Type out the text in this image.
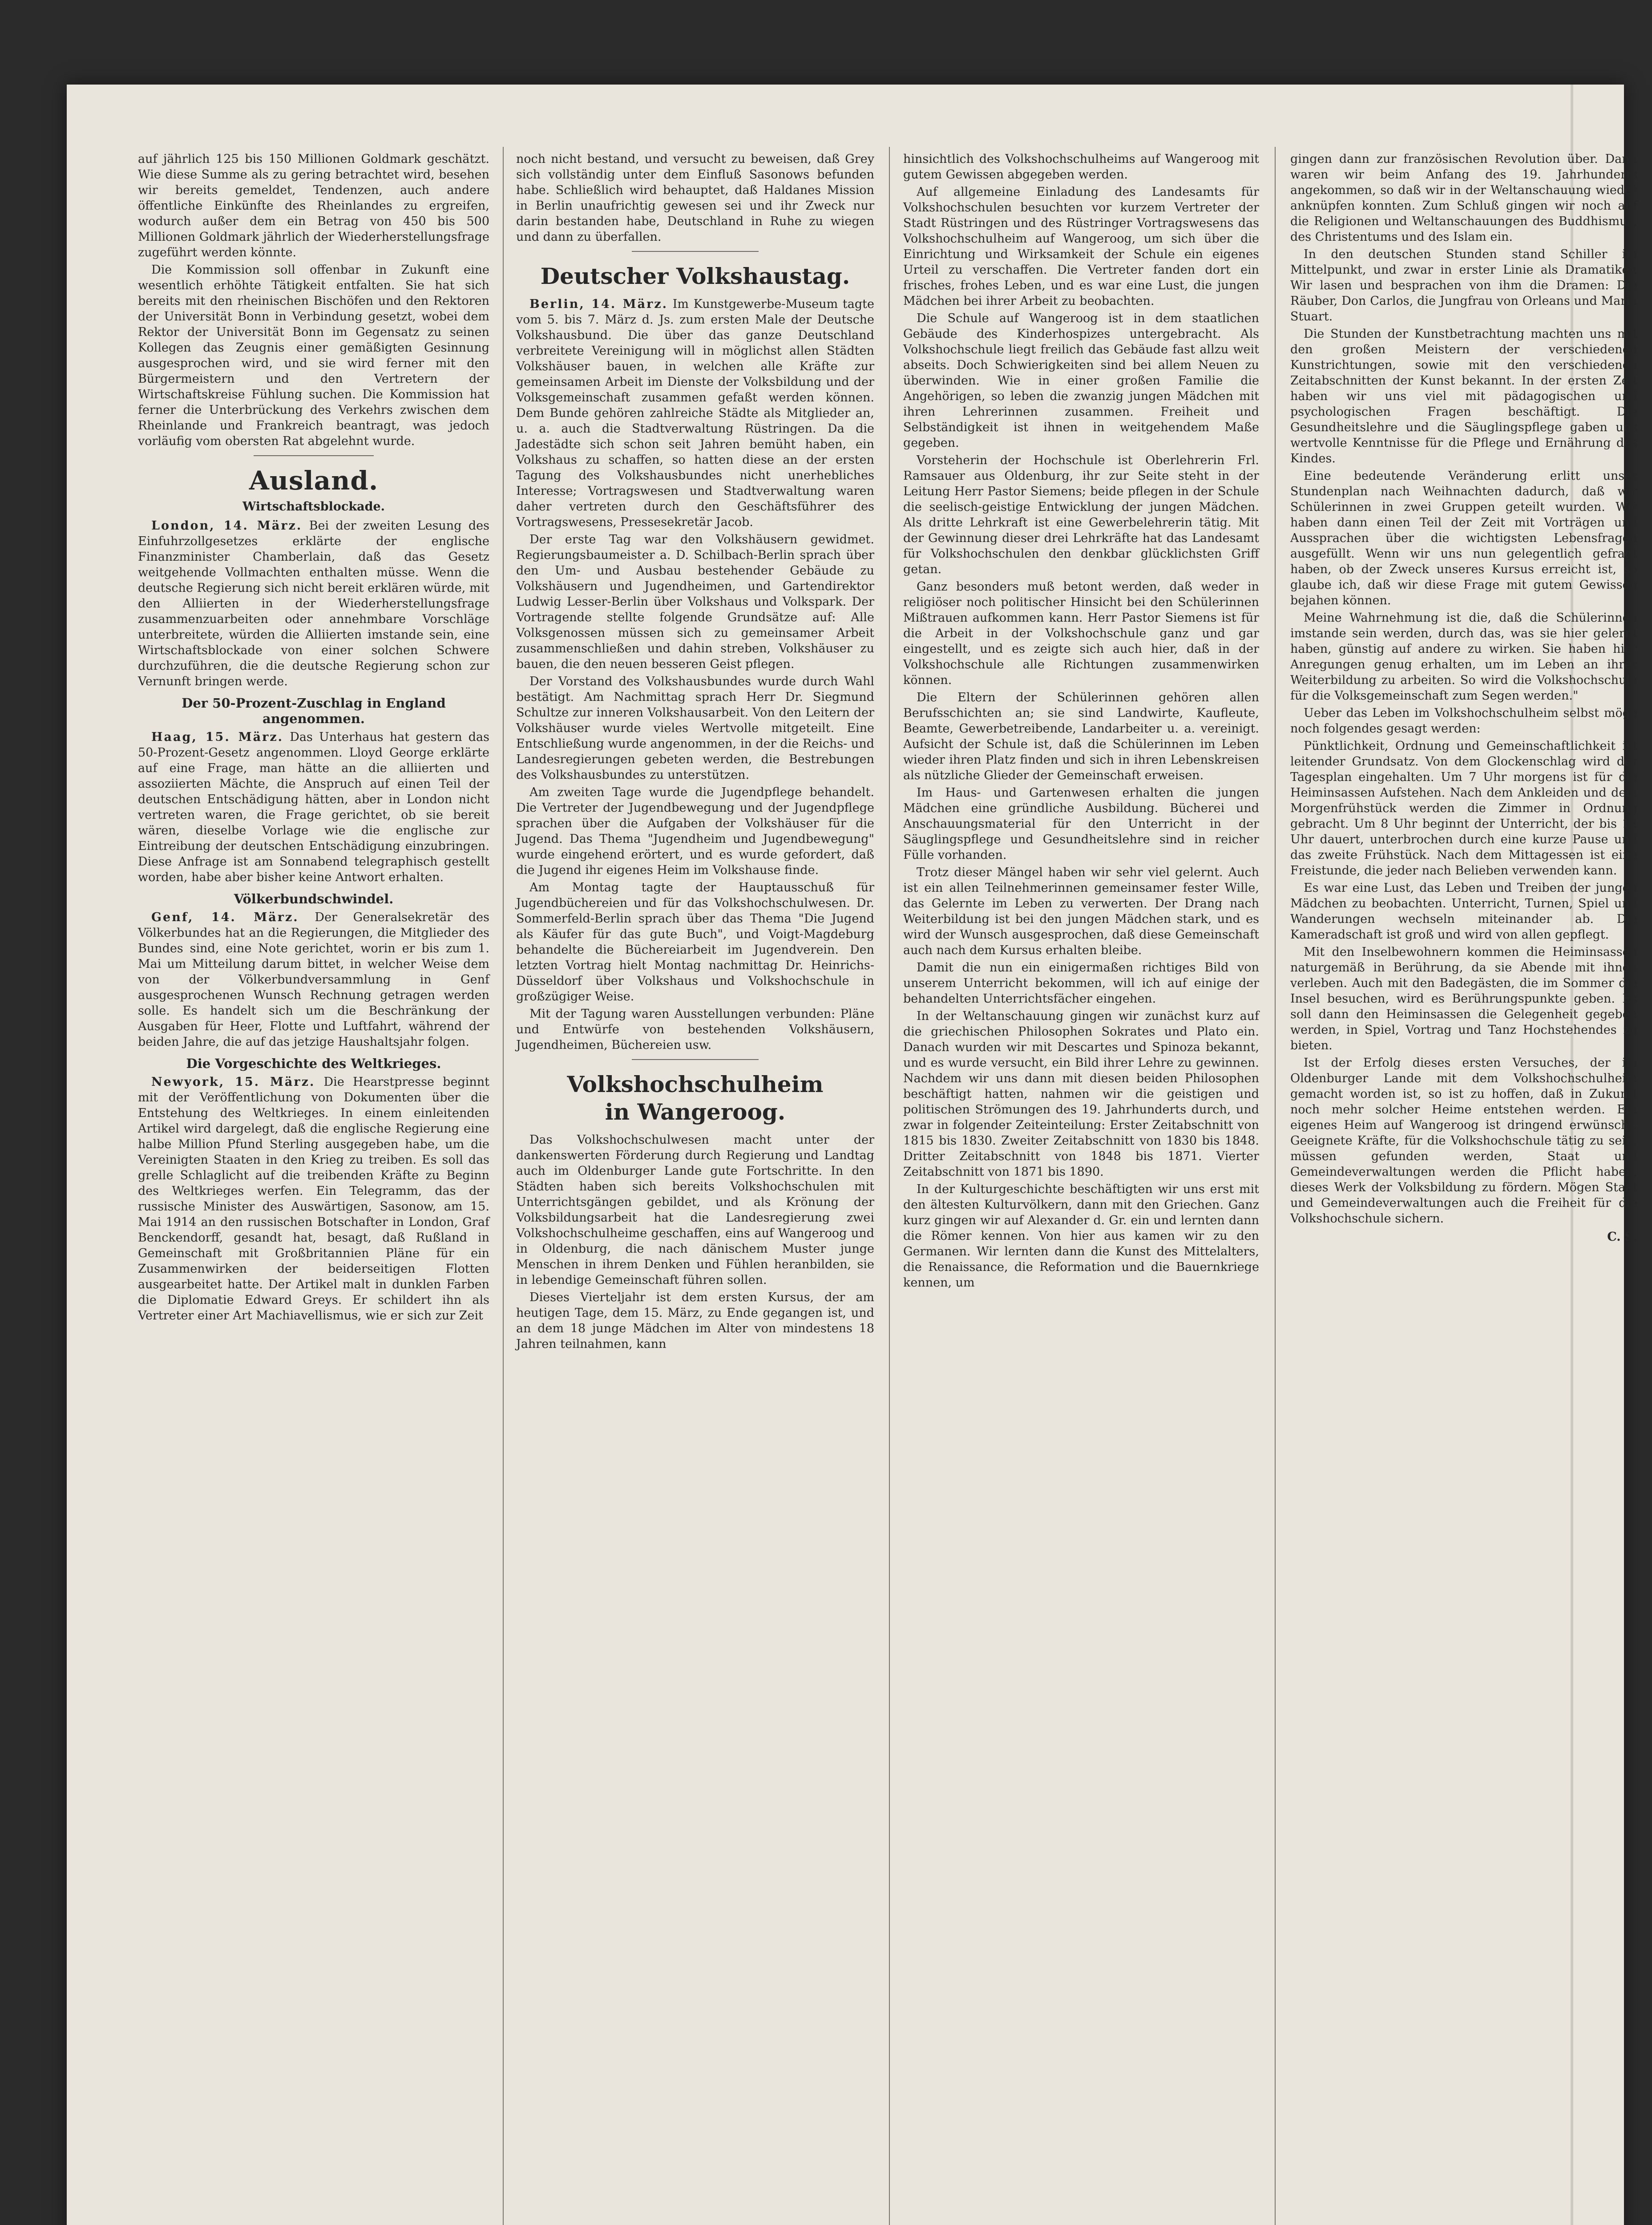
auf jährlich 125 bis 150 Millionen Goldmark geschätzt. Wie diese Summe als zu gering betrachtet wird, besehen wir bereits gemeldet, Tendenzen, auch andere öffentliche Einkünfte des Rheinlandes zu ergreifen, wodurch außer dem ein Betrag von 450 bis 500 Millionen Goldmark jährlich der Wiederherstellungsfrage zugeführt werden könnte.

Die Kommission soll offenbar in Zukunft eine wesentlich erhöhte Tätigkeit entfalten. Sie hat sich bereits mit den rheinischen Bischöfen und den Rektoren der Universität Bonn in Verbindung gesetzt, wobei dem Rektor der Universität Bonn im Gegensatz zu seinen Kollegen das Zeugnis einer gemäßigten Gesinnung ausgesprochen wird, und sie wird ferner mit den Bürgermeistern und den Vertretern der Wirtschaftskreise Fühlung suchen. Die Kommission hat ferner die Unterbrückung des Verkehrs zwischen dem Rheinlande und Frankreich beantragt, was jedoch vorläufig vom obersten Rat abgelehnt wurde.

Ausland.
Wirtschaftsblockade.

London, 14. März. Bei der zweiten Lesung des Einfuhrzollgesetzes erklärte der englische Finanzminister Chamberlain, daß das Gesetz weitgehende Vollmachten enthalten müsse. Wenn die deutsche Regierung sich nicht bereit erklären würde, mit den Alliierten in der Wiederherstellungsfrage zusammenzuarbeiten oder annehmbare Vorschläge unterbreitete, würden die Alliierten imstande sein, eine Wirtschaftsblockade von einer solchen Schwere durchzuführen, die die deutsche Regierung schon zur Vernunft bringen werde.

Der 50-Prozent-Zuschlag in England angenommen.

Haag, 15. März. Das Unterhaus hat gestern das 50-Prozent-Gesetz angenommen. Lloyd George erklärte auf eine Frage, man hätte an die alliierten und assoziierten Mächte, die Anspruch auf einen Teil der deutschen Entschädigung hätten, aber in London nicht vertreten waren, die Frage gerichtet, ob sie bereit wären, dieselbe Vorlage wie die englische zur Eintreibung der deutschen Entschädigung einzubringen. Diese Anfrage ist am Sonnabend telegraphisch gestellt worden, habe aber bisher keine Antwort erhalten.

Völkerbundschwindel.

Genf, 14. März. Der Generalsekretär des Völkerbundes hat an die Regierungen, die Mitglieder des Bundes sind, eine Note gerichtet, worin er bis zum 1. Mai um Mitteilung darum bittet, in welcher Weise dem von der Völkerbundversammlung in Genf ausgesprochenen Wunsch Rechnung getragen werden solle. Es handelt sich um die Beschränkung der Ausgaben für Heer, Flotte und Luftfahrt, während der beiden Jahre, die auf das jetzige Haushaltsjahr folgen.

Die Vorgeschichte des Weltkrieges.

Newyork, 15. März. Die Hearstpresse beginnt mit der Veröffentlichung von Dokumenten über die Entstehung des Weltkrieges. In einem einleitenden Artikel wird dargelegt, daß die englische Regierung eine halbe Million Pfund Sterling ausgegeben habe, um die Vereinigten Staaten in den Krieg zu treiben. Es soll das grelle Schlaglicht auf die treibenden Kräfte zu Beginn des Weltkrieges werfen. Ein Telegramm, das der russische Minister des Auswärtigen, Sasonow, am 15. Mai 1914 an den russischen Botschafter in London, Graf Benckendorff, gesandt hat, besagt, daß Rußland in Gemeinschaft mit Großbritannien Pläne für ein Zusammenwirken der beiderseitigen Flotten ausgearbeitet hatte. Der Artikel malt in dunklen Farben die Diplomatie Edward Greys. Er schildert ihn als Vertreter einer Art Machiavellismus, wie er sich zur Zeit

noch nicht bestand, und versucht zu beweisen, daß Grey sich vollständig unter dem Einfluß Sasonows befunden habe. Schließlich wird behauptet, daß Haldanes Mission in Berlin unaufrichtig gewesen sei und ihr Zweck nur darin bestanden habe, Deutschland in Ruhe zu wiegen und dann zu überfallen.

Deutscher Volkshaustag.

Berlin, 14. März. Im Kunstgewerbe-Museum tagte vom 5. bis 7. März d. Js. zum ersten Male der Deutsche Volkshausbund. Die über das ganze Deutschland verbreitete Vereinigung will in möglichst allen Städten Volkshäuser bauen, in welchen alle Kräfte zur gemeinsamen Arbeit im Dienste der Volksbildung und der Volksgemeinschaft zusammen gefaßt werden können. Dem Bunde gehören zahlreiche Städte als Mitglieder an, u. a. auch die Stadtverwaltung Rüstringen. Da die Jadestädte sich schon seit Jahren bemüht haben, ein Volkshaus zu schaffen, so hatten diese an der ersten Tagung des Volkshausbundes nicht unerhebliches Interesse; Vortragswesen und Stadtverwaltung waren daher vertreten durch den Geschäftsführer des Vortragswesens, Pressesekretär Jacob.

Der erste Tag war den Volkshäusern gewidmet. Regierungsbaumeister a. D. Schilbach-Berlin sprach über den Um- und Ausbau bestehender Gebäude zu Volkshäusern und Jugendheimen, und Gartendirektor Ludwig Lesser-Berlin über Volkshaus und Volkspark. Der Vortragende stellte folgende Grundsätze auf: Alle Volksgenossen müssen sich zu gemeinsamer Arbeit zusammenschließen und dahin streben, Volkshäuser zu bauen, die den neuen besseren Geist pflegen.

Der Vorstand des Volkshausbundes wurde durch Wahl bestätigt. Am Nachmittag sprach Herr Dr. Siegmund Schultze zur inneren Volkshausarbeit. Von den Leitern der Volkshäuser wurde vieles Wertvolle mitgeteilt. Eine Entschließung wurde angenommen, in der die Reichs- und Landesregierungen gebeten werden, die Bestrebungen des Volkshausbundes zu unterstützen.

Am zweiten Tage wurde die Jugendpflege behandelt. Die Vertreter der Jugendbewegung und der Jugendpflege sprachen über die Aufgaben der Volkshäuser für die Jugend. Das Thema "Jugendheim und Jugendbewegung" wurde eingehend erörtert, und es wurde gefordert, daß die Jugend ihr eigenes Heim im Volkshause finde.

Am Montag tagte der Hauptausschuß für Jugendbüchereien und für das Volkshochschulwesen. Dr. Sommerfeld-Berlin sprach über das Thema "Die Jugend als Käufer für das gute Buch", und Voigt-Magdeburg behandelte die Büchereiarbeit im Jugendverein. Den letzten Vortrag hielt Montag nachmittag Dr. Heinrichs-Düsseldorf über Volkshaus und Volkshochschule in großzügiger Weise.

Mit der Tagung waren Ausstellungen verbunden: Pläne und Entwürfe von bestehenden Volkshäusern, Jugendheimen, Büchereien usw.

Volkshochschulheim
in Wangeroog.

Das Volkshochschulwesen macht unter der dankenswerten Förderung durch Regierung und Landtag auch im Oldenburger Lande gute Fortschritte. In den Städten haben sich bereits Volkshochschulen mit Unterrichtsgängen gebildet, und als Krönung der Volksbildungsarbeit hat die Landesregierung zwei Volkshochschulheime geschaffen, eins auf Wangeroog und in Oldenburg, die nach dänischem Muster junge Menschen in ihrem Denken und Fühlen heranbilden, sie in lebendige Gemeinschaft führen sollen.

Dieses Vierteljahr ist dem ersten Kursus, der am heutigen Tage, dem 15. März, zu Ende gegangen ist, und an dem 18 junge Mädchen im Alter von mindestens 18 Jahren teilnahmen, kann

hinsichtlich des Volkshochschulheims auf Wangeroog mit gutem Gewissen abgegeben werden.

Auf allgemeine Einladung des Landesamts für Volkshochschulen besuchten vor kurzem Vertreter der Stadt Rüstringen und des Rüstringer Vortragswesens das Volkshochschulheim auf Wangeroog, um sich über die Einrichtung und Wirksamkeit der Schule ein eigenes Urteil zu verschaffen. Die Vertreter fanden dort ein frisches, frohes Leben, und es war eine Lust, die jungen Mädchen bei ihrer Arbeit zu beobachten.

Die Schule auf Wangeroog ist in dem staatlichen Gebäude des Kinderhospizes untergebracht. Als Volkshochschule liegt freilich das Gebäude fast allzu weit abseits. Doch Schwierigkeiten sind bei allem Neuen zu überwinden. Wie in einer großen Familie die Angehörigen, so leben die zwanzig jungen Mädchen mit ihren Lehrerinnen zusammen. Freiheit und Selbständigkeit ist ihnen in weitgehendem Maße gegeben.

Vorsteherin der Hochschule ist Oberlehrerin Frl. Ramsauer aus Oldenburg, ihr zur Seite steht in der Leitung Herr Pastor Siemens; beide pflegen in der Schule die seelisch-geistige Entwicklung der jungen Mädchen. Als dritte Lehrkraft ist eine Gewerbelehrerin tätig. Mit der Gewinnung dieser drei Lehrkräfte hat das Landesamt für Volkshochschulen den denkbar glücklichsten Griff getan.

Ganz besonders muß betont werden, daß weder in religiöser noch politischer Hinsicht bei den Schülerinnen Mißtrauen aufkommen kann. Herr Pastor Siemens ist für die Arbeit in der Volkshochschule ganz und gar eingestellt, und es zeigte sich auch hier, daß in der Volkshochschule alle Richtungen zusammenwirken können.

Die Eltern der Schülerinnen gehören allen Berufsschichten an; sie sind Landwirte, Kaufleute, Beamte, Gewerbetreibende, Landarbeiter u. a. vereinigt. Aufsicht der Schule ist, daß die Schülerinnen im Leben wieder ihren Platz finden und sich in ihren Lebenskreisen als nützliche Glieder der Gemeinschaft erweisen.

Im Haus- und Gartenwesen erhalten die jungen Mädchen eine gründliche Ausbildung. Bücherei und Anschauungsmaterial für den Unterricht in der Säuglingspflege und Gesundheitslehre sind in reicher Fülle vorhanden.

Trotz dieser Mängel haben wir sehr viel gelernt. Auch ist ein allen Teilnehmerinnen gemeinsamer fester Wille, das Gelernte im Leben zu verwerten. Der Drang nach Weiterbildung ist bei den jungen Mädchen stark, und es wird der Wunsch ausgesprochen, daß diese Gemeinschaft auch nach dem Kursus erhalten bleibe.

Damit die nun ein einigermaßen richtiges Bild von unserem Unterricht bekommen, will ich auf einige der behandelten Unterrichtsfächer eingehen.

In der Weltanschauung gingen wir zunächst kurz auf die griechischen Philosophen Sokrates und Plato ein. Danach wurden wir mit Descartes und Spinoza bekannt, und es wurde versucht, ein Bild ihrer Lehre zu gewinnen. Nachdem wir uns dann mit diesen beiden Philosophen beschäftigt hatten, nahmen wir die geistigen und politischen Strömungen des 19. Jahrhunderts durch, und zwar in folgender Zeiteinteilung: Erster Zeitabschnitt von 1815 bis 1830. Zweiter Zeitabschnitt von 1830 bis 1848. Dritter Zeitabschnitt von 1848 bis 1871. Vierter Zeitabschnitt von 1871 bis 1890.

In der Kulturgeschichte beschäftigten wir uns erst mit den ältesten Kulturvölkern, dann mit den Griechen. Ganz kurz gingen wir auf Alexander d. Gr. ein und lernten dann die Römer kennen. Von hier aus kamen wir zu den Germanen. Wir lernten dann die Kunst des Mittelalters, die Renaissance, die Reformation und die Bauernkriege kennen, um

gingen dann zur französischen Revolution über. Dann waren wir beim Anfang des 19. Jahrhunderts angekommen, so daß wir in der Weltanschauung wieder anknüpfen konnten. Zum Schluß gingen wir noch auf die Religionen und Weltanschauungen des Buddhismus, des Christentums und des Islam ein.

In den deutschen Stunden stand Schiller im Mittelpunkt, und zwar in erster Linie als Dramatiker. Wir lasen und besprachen von ihm die Dramen: Die Räuber, Don Carlos, die Jungfrau von Orleans und Maria Stuart.

Die Stunden der Kunstbetrachtung machten uns mit den großen Meistern der verschiedenen Kunstrichtungen, sowie mit den verschiedenen Zeitabschnitten der Kunst bekannt. In der ersten Zeit haben wir uns viel mit pädagogischen und psychologischen Fragen beschäftigt. Die Gesundheitslehre und die Säuglingspflege gaben uns wertvolle Kenntnisse für die Pflege und Ernährung des Kindes.

Eine bedeutende Veränderung erlitt unser Stundenplan nach Weihnachten dadurch, daß wir Schülerinnen in zwei Gruppen geteilt wurden. Wir haben dann einen Teil der Zeit mit Vorträgen und Aussprachen über die wichtigsten Lebensfragen ausgefüllt. Wenn wir uns nun gelegentlich gefragt haben, ob der Zweck unseres Kursus erreicht ist, so glaube ich, daß wir diese Frage mit gutem Gewissen bejahen können.

Meine Wahrnehmung ist die, daß die Schülerinnen imstande sein werden, durch das, was sie hier gelernt haben, günstig auf andere zu wirken. Sie haben hier Anregungen genug erhalten, um im Leben an ihrer Weiterbildung zu arbeiten. So wird die Volkshochschule für die Volksgemeinschaft zum Segen werden."

Ueber das Leben im Volkshochschulheim selbst möge noch folgendes gesagt werden:

Pünktlichkeit, Ordnung und Gemeinschaftlichkeit ist leitender Grundsatz. Von dem Glockenschlag wird der Tagesplan eingehalten. Um 7 Uhr morgens ist für die Heiminsassen Aufstehen. Nach dem Ankleiden und dem Morgenfrühstück werden die Zimmer in Ordnung gebracht. Um 8 Uhr beginnt der Unterricht, der bis 12 Uhr dauert, unterbrochen durch eine kurze Pause und das zweite Frühstück. Nach dem Mittagessen ist eine Freistunde, die jeder nach Belieben verwenden kann.

Es war eine Lust, das Leben und Treiben der jungen Mädchen zu beobachten. Unterricht, Turnen, Spiel und Wanderungen wechseln miteinander ab. Die Kameradschaft ist groß und wird von allen gepflegt.

Mit den Inselbewohnern kommen die Heiminsassen naturgemäß in Berührung, da sie Abende mit ihnen verleben. Auch mit den Badegästen, die im Sommer die Insel besuchen, wird es Berührungspunkte geben. Es soll dann den Heiminsassen die Gelegenheit gegeben werden, in Spiel, Vortrag und Tanz Hochstehendes zu bieten.

Ist der Erfolg dieses ersten Versuches, der im Oldenburger Lande mit dem Volkshochschulheim gemacht worden ist, so ist zu hoffen, daß in Zukunft noch mehr solcher Heime entstehen werden. Ein eigenes Heim auf Wangeroog ist dringend erwünscht. Geeignete Kräfte, für die Volkshochschule tätig zu sein, müssen gefunden werden, Staat und Gemeindeverwaltungen werden die Pflicht haben, dieses Werk der Volksbildung zu fördern. Mögen Staat und Gemeindeverwaltungen auch die Freiheit für die Volkshochschule sichern.

C. S.
